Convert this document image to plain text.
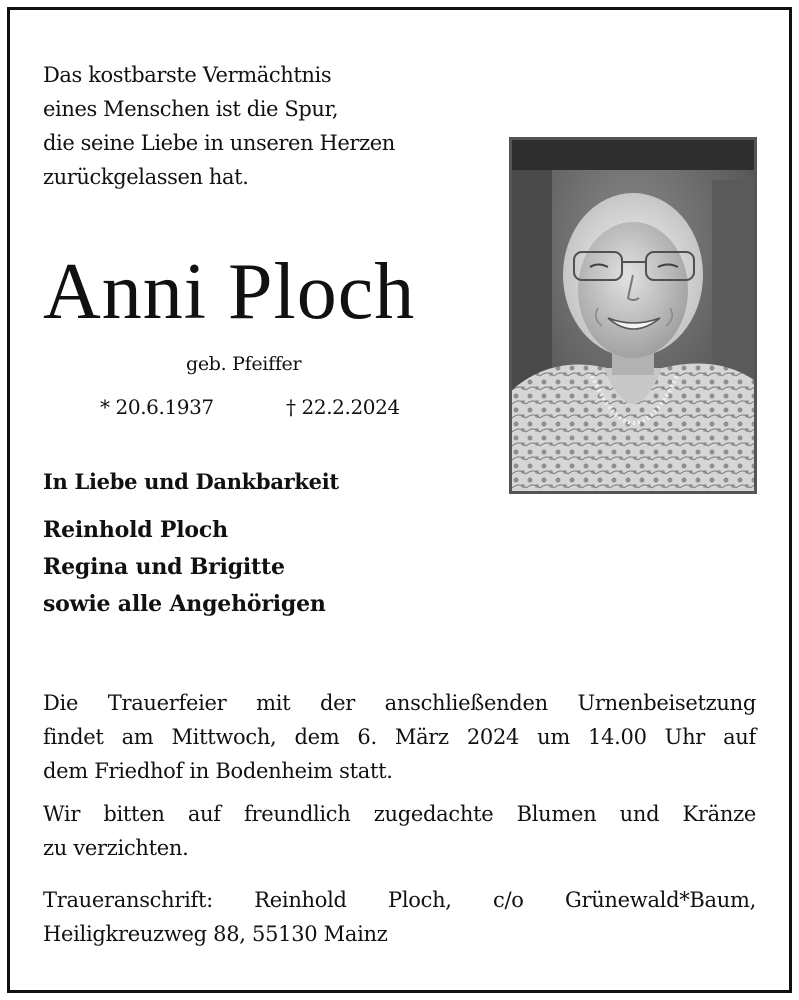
Das kostbarste Vermächtnis
eines Menschen ist die Spur,
die seine Liebe in unseren Herzen
zurückgelassen hat.
Anni Ploch
geb. Pfeiffer
* 20.6.1937	† 22.2.2024
In Liebe und Dankbarkeit
Reinhold Ploch
Regina und Brigitte
sowie alle Angehörigen
Die Trauerfeier mit der anschließenden Urnenbeisetzung
findet am Mittwoch, dem 6. März 2024 um 14.00 Uhr auf
dem Friedhof in Bodenheim statt.
Wir bitten auf freundlich zugedachte Blumen und Kränze
zu verzichten.
Traueranschrift: Reinhold Ploch, c/o Grünewald*Baum,
Heiligkreuzweg 88, 55130 Mainz
